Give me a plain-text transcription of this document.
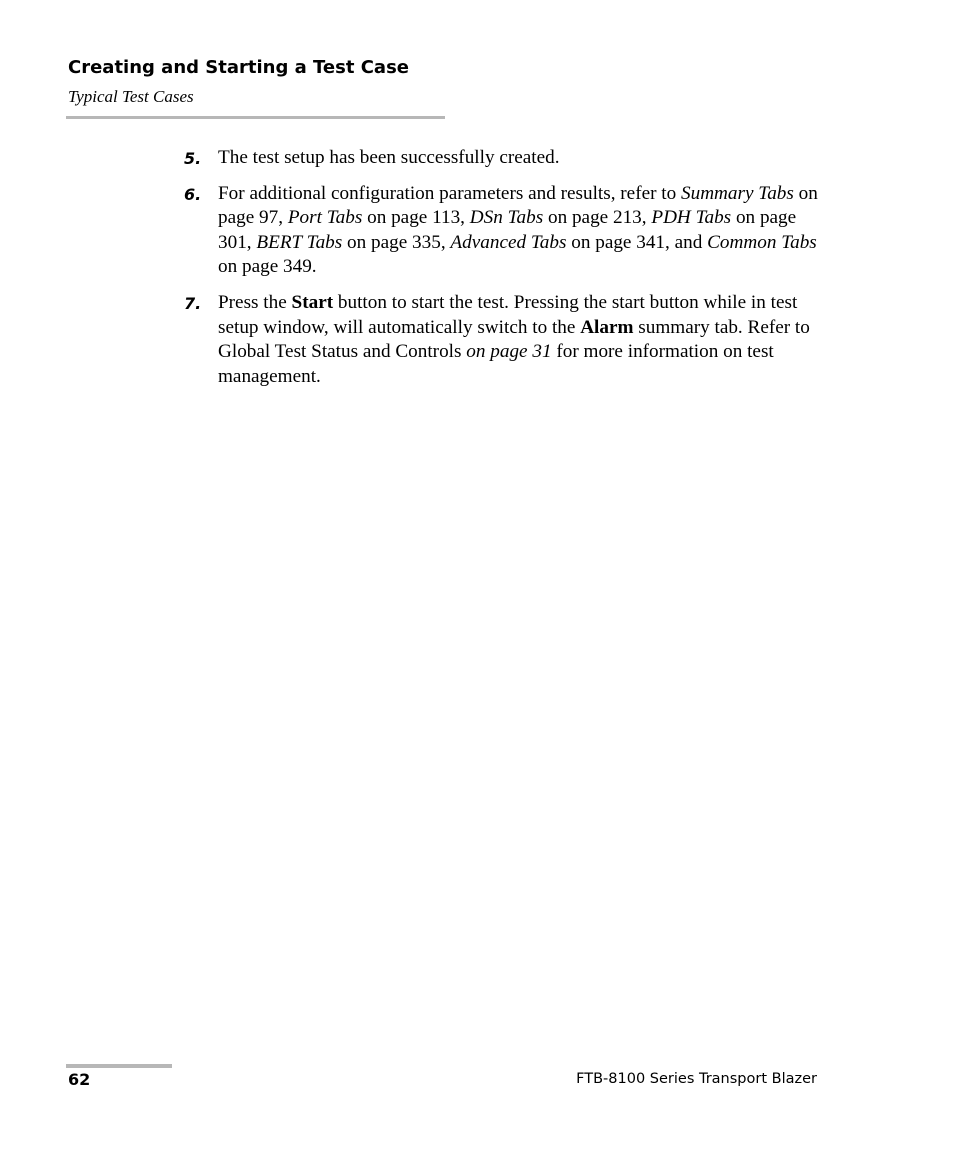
Creating and Starting a Test Case
Typical Test Cases
5. The test setup has been successfully created.
6. For additional configuration parameters and results, refer to Summary Tabs on page 97, Port Tabs on page 113, DSn Tabs on page 213, PDH Tabs on page 301, BERT Tabs on page 335, Advanced Tabs on page 341, and Common Tabs on page 349.
7. Press the Start button to start the test. Pressing the start button while in test setup window, will automatically switch to the Alarm summary tab. Refer to Global Test Status and Controls on page 31 for more information on test management.
62	FTB-8100 Series Transport Blazer
